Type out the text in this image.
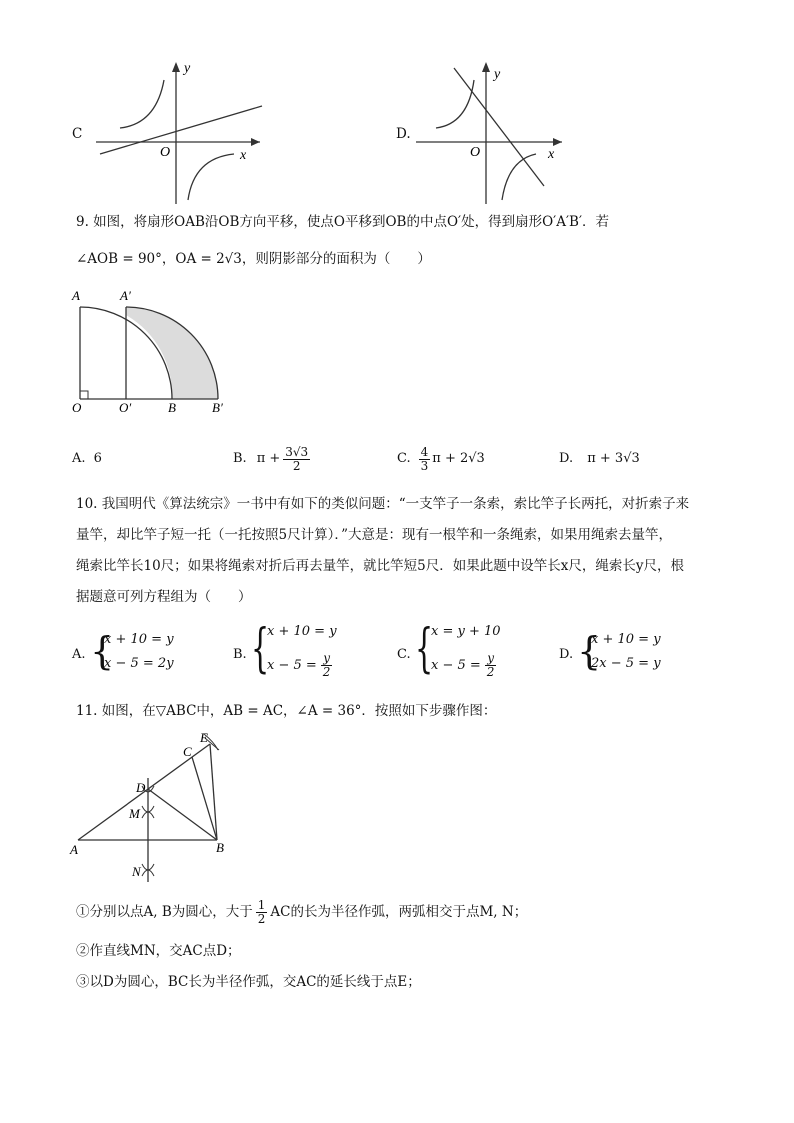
C
y
x
O
D.
y
x
O
9. 如图，将扇形OAB沿OB方向平移，使点O平移到OB的中点O′处，得到扇形O′A′B′．若
∠AOB = 90°，OA = 2√3，则阴影部分的面积为（　　）
A	A′
O	O′	B	B′
A. 6	B. $\pi + \frac{3√3}{2}$	C. $\frac{4}{3}$ π + 2√3	D. π + 3√3
10. 我国明代《算法统宗》一书中有如下的类似问题：“一支竿子一条索，索比竿子长两托，对折索子来
量竿，却比竿子短一托（一托按照5尺计算）．”大意是：现有一根竿和一条绳索，如果用绳索去量竿，
绳索比竿长10尺；如果将绳索对折后再去量竿，就比竿短5尺．如果此题中设竿长x尺，绳索长y尺，根
据题意可列方程组为（　　）
A. {
x + 10 = y
x − 5 = 2y
B. {
x + 10 = y
$x - 5 = \frac{y}{2}$	C. {
x = y + 10
$x - 5 = \frac{y}{2}$	D. {
x + 10 = y
2x − 5 = y
11. 如图，在▽ABC中，AB = AC，∠A = 36°．按照如下步骤作图：
A	B
C
D
E
M
N
①分别以点A, B为圆心，大于 $\frac{1}{2}$ AC的长为半径作弧，两弧相交于点M, N；
②作直线MN，交AC点D；
③以D为圆心，BC长为半径作弧，交AC的延长线于点E；
